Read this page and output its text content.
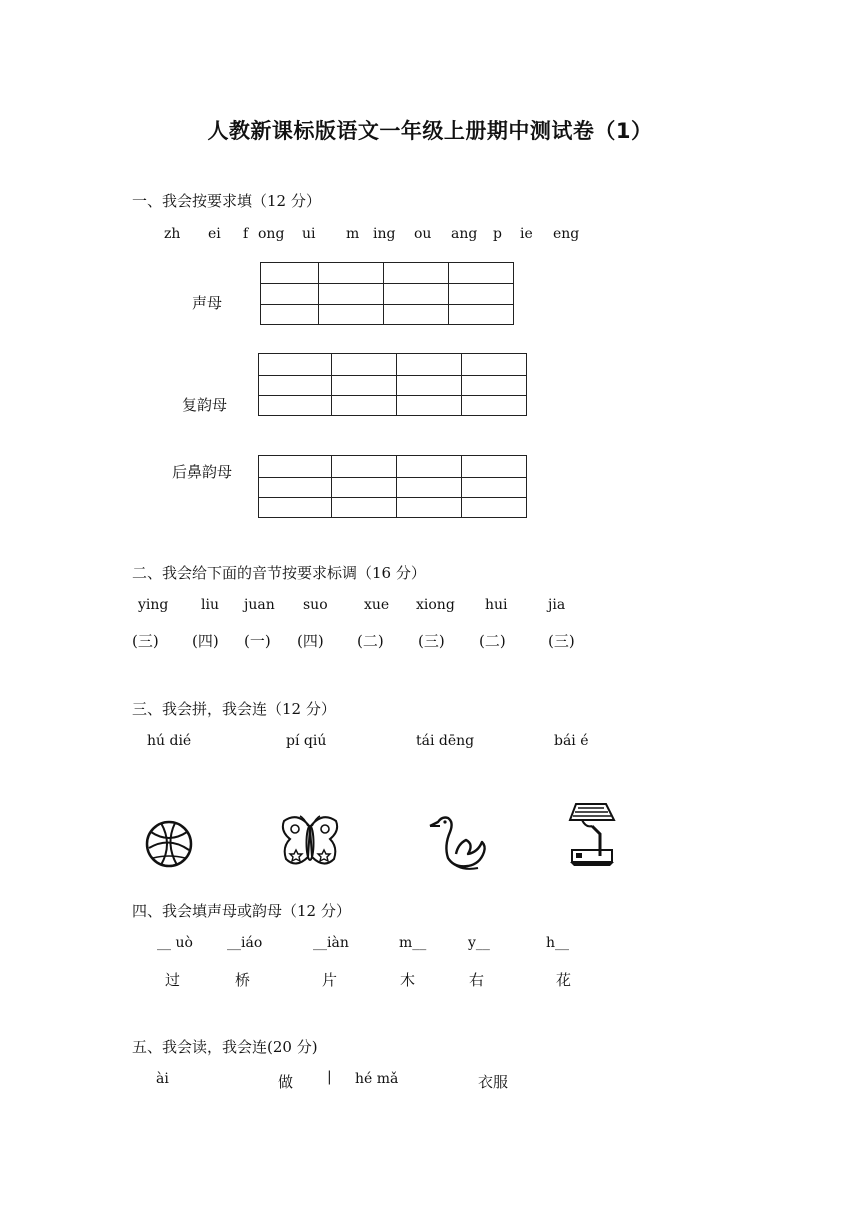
人教新课标版语文一年级上册期中测试卷（1）
一、我会按要求填（12 分）
zh ei f ong ui m ing ou ang p ie eng
声母

复韵母

后鼻韵母

二、我会给下面的音节按要求标调（16 分）
ying liu juan suo	xue xiong hui	jia
(三) (四) (一) (四) (二) (三) (二)	(三)
三、我会拼，我会连（12 分）
hú dié	pí qiú	tái dēng	bái é
四、我会填声母或韵母（12 分）
__ uò __iáo	__iàn	m__	y__	h__
过	桥	片	木	右	花
五、我会读，我会连(20 分)
ài	做 | hé mǎ	衣服
